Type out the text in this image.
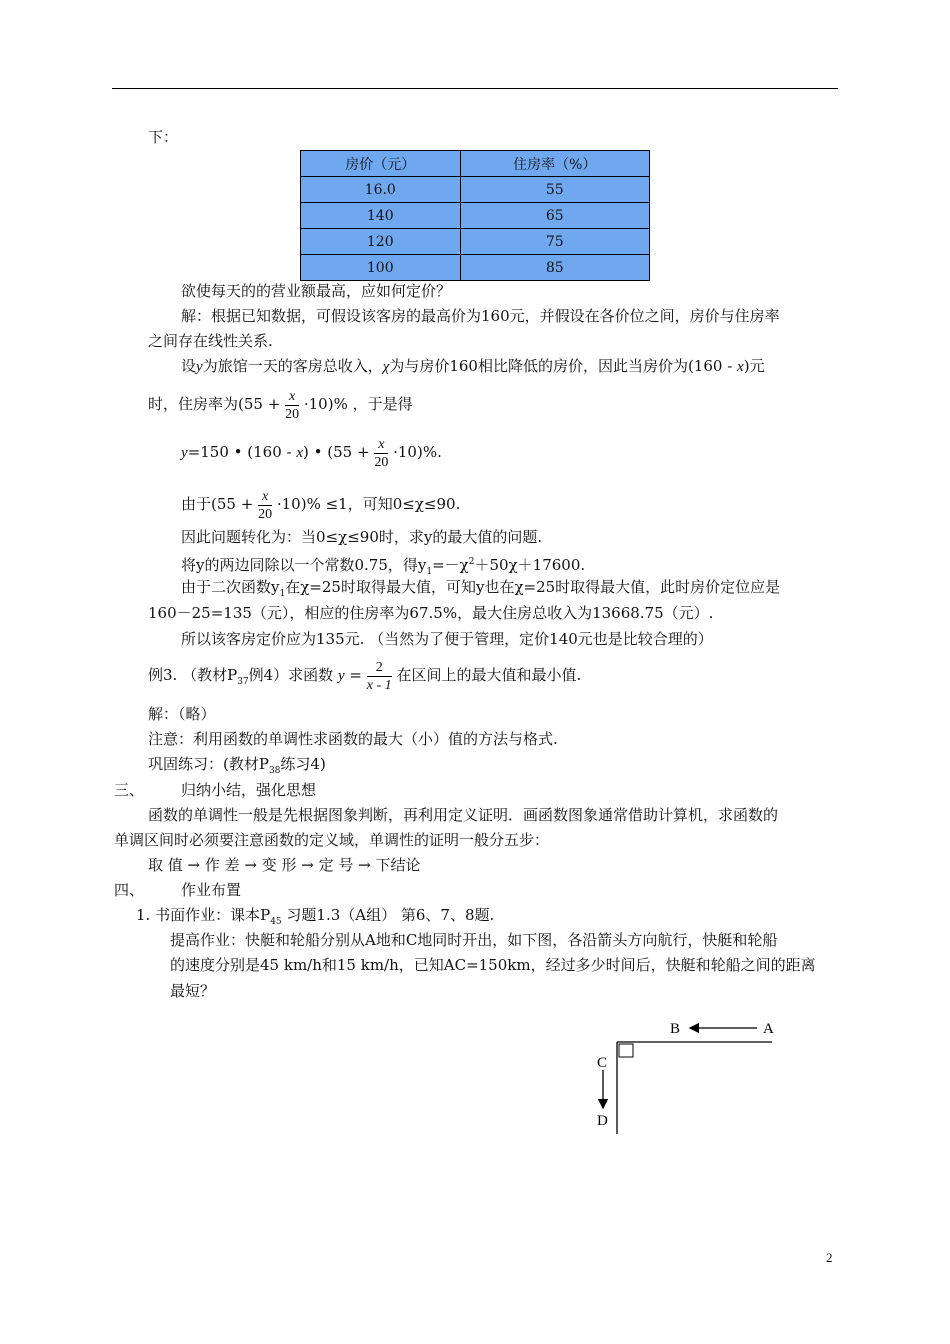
下：
房价（元）	住房率（%）
16.0	55
140	65
120	75
100	85
欲使每天的的营业额最高，应如何定价？
解：根据已知数据，可假设该客房的最高价为160元，并假设在各价位之间，房价与住房率
之间存在线性关系.
设y为旅馆一天的客房总收入，χ为与房价160相比降低的房价，因此当房价为(160 - x)元
时，住房率为$(55 + \frac{x}{20} \cdot 10)\%$ ，于是得
y=150 • (160 - x) • $(55 + \frac{x}{20} \cdot 10)\%$.
由于$(55 + \frac{x}{20} \cdot 10)\% \le 1$，可知0≤χ≤90.
因此问题转化为：当0≤χ≤90时，求y的最大值的问题.
将y的两边同除以一个常数0.75，得$y_1=-\chi^2+50\chi+17600$.
由于二次函数$y_1$在χ=25时取得最大值，可知y也在χ=25时取得最大值，此时房价定位应是
160－25=135（元），相应的住房率为67.5%，最大住房总收入为13668.75（元）.
所以该客房定价应为135元. （当然为了便于管理，定价140元也是比较合理的）
例3. （教材$P_{37}$例4）求函数 $y = \frac{2}{x - 1}$ 在区间上的最大值和最小值.
解：（略）
注意：利用函数的单调性求函数的最大（小）值的方法与格式.
巩固练习：(教材$P_{38}$练习4)
三、 归纳小结，强化思想
函数的单调性一般是先根据图象判断，再利用定义证明．画函数图象通常借助计算机，求函数的
单调区间时必须要注意函数的定义域，单调性的证明一般分五步：
取 值 → 作 差 → 变 形 → 定 号 → 下结论
四、 作业布置
1. 书面作业：课本$P_{45}$ 习题1.3（A组） 第6、7、8题.
提高作业：快艇和轮船分别从A地和C地同时开出，如下图，各沿箭头方向航行，快艇和轮船
的速度分别是45 km/h和15 km/h，已知AC=150km，经过多少时间后，快艇和轮船之间的距离
最短？
B	A
C
D
2
